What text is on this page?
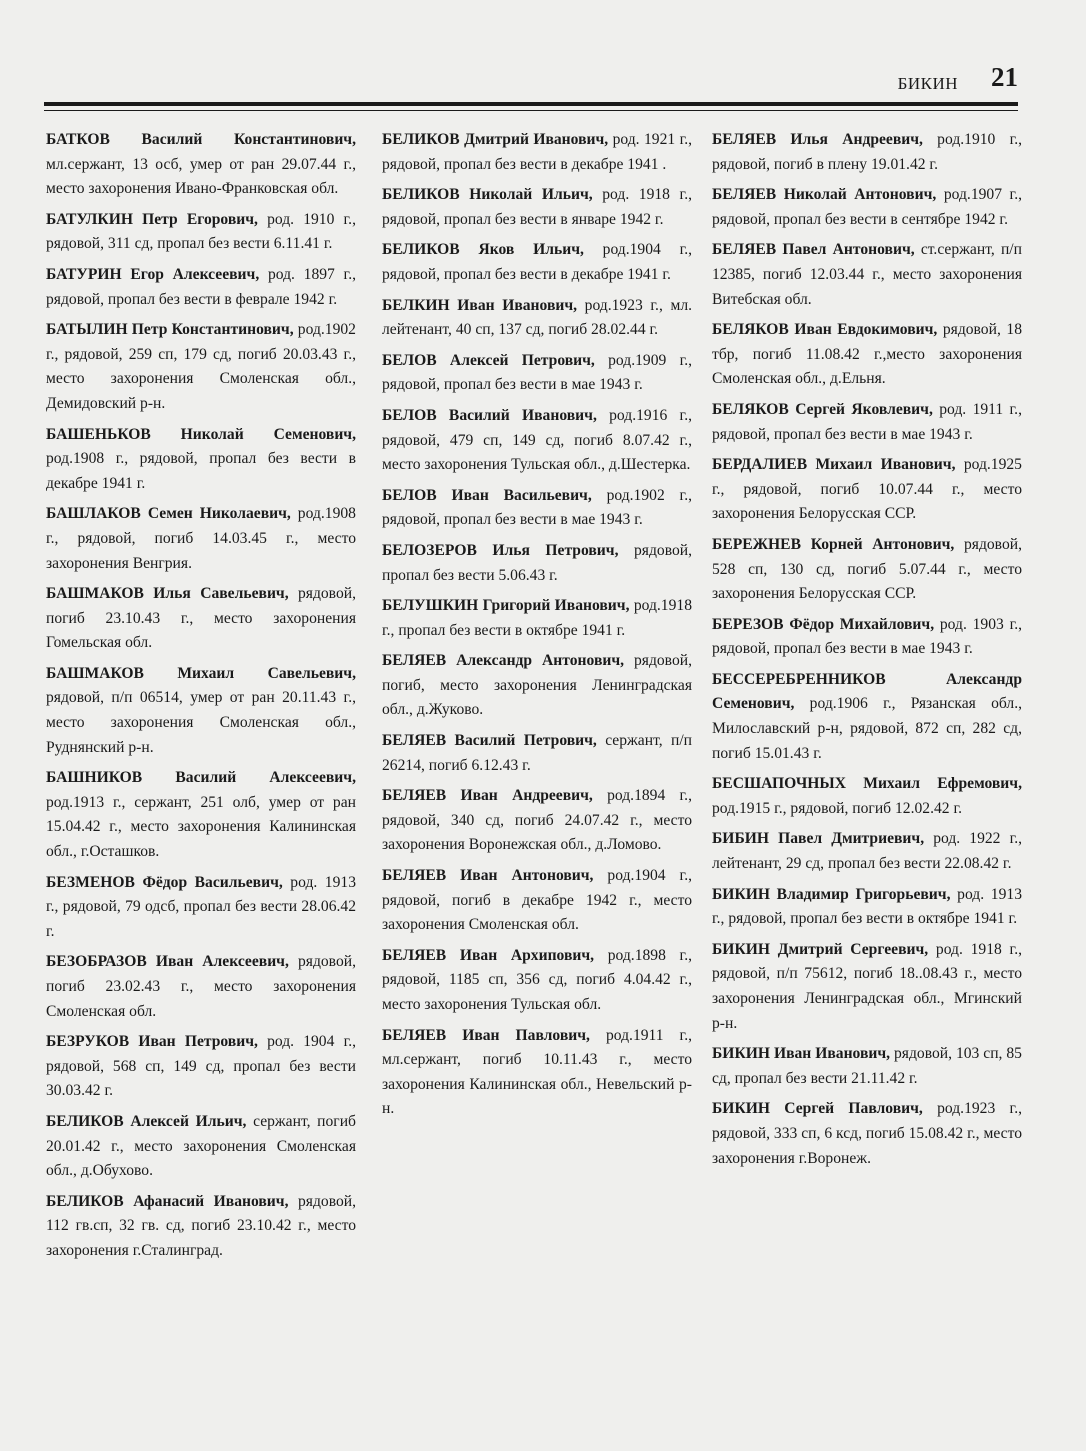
БИКИН 21

БАТКОВ Василий Константинович, мл.сержант, 13 осб, умер от ран 29.07.44 г., место захоронения Ивано-Франковская обл.

БАТУЛКИН Петр Егорович, род. 1910 г., рядовой, 311 сд, пропал без вести 6.11.41 г.

БАТУРИН Егор Алексеевич, род. 1897 г., рядовой, пропал без вести в феврале 1942 г.

БАТЫЛИН Петр Константинович, род.1902 г., рядовой, 259 сп, 179 сд, погиб 20.03.43 г., место захоронения Смоленская обл., Демидовский р-н.

БАШЕНЬКОВ Николай Семенович, род.1908 г., рядовой, пропал без вести в декабре 1941 г.

БАШЛАКОВ Семен Николаевич, род.1908 г., рядовой, погиб 14.03.45 г., место захоронения Венгрия.

БАШМАКОВ Илья Савельевич, рядовой, погиб 23.10.43 г., место захоронения Гомельская обл.

БАШМАКОВ Михаил Савельевич, рядовой, п/п 06514, умер от ран 20.11.43 г., место захоронения Смоленская обл., Руднянский р-н.

БАШНИКОВ Василий Алексеевич, род.1913 г., сержант, 251 олб, умер от ран 15.04.42 г., место захоронения Калининская обл., г.Осташков.

БЕЗМЕНОВ Фёдор Васильевич, род. 1913 г., рядовой, 79 одсб, пропал без вести 28.06.42 г.

БЕЗОБРАЗОВ Иван Алексеевич, рядовой, погиб 23.02.43 г., место захоронения Смоленская обл.

БЕЗРУКОВ Иван Петрович, род. 1904 г., рядовой, 568 сп, 149 сд, пропал без вести 30.03.42 г.

БЕЛИКОВ Алексей Ильич, сержант, погиб 20.01.42 г., место захоронения Смоленская обл., д.Обухово.

БЕЛИКОВ Афанасий Иванович, рядовой, 112 гв.сп, 32 гв. сд, погиб 23.10.42 г., место захоронения г.Сталинград.

БЕЛИКОВ Дмитрий Иванович, род. 1921 г., рядовой, пропал без вести в декабре 1941 .

БЕЛИКОВ Николай Ильич, род. 1918 г., рядовой, пропал без вести в январе 1942 г.

БЕЛИКОВ Яков Ильич, род.1904 г., рядовой, пропал без вести в декабре 1941 г.

БЕЛКИН Иван Иванович, род.1923 г., мл. лейтенант, 40 сп, 137 сд, погиб 28.02.44 г.

БЕЛОВ Алексей Петрович, род.1909 г., рядовой, пропал без вести в мае 1943 г.

БЕЛОВ Василий Иванович, род.1916 г., рядовой, 479 сп, 149 сд, погиб 8.07.42 г., место захоронения Тульская обл., д.Шестерка.

БЕЛОВ Иван Васильевич, род.1902 г., рядовой, пропал без вести в мае 1943 г.

БЕЛОЗЕРОВ Илья Петрович, рядовой, пропал без вести 5.06.43 г.

БЕЛУШКИН Григорий Иванович, род.1918 г., пропал без вести в октябре 1941 г.

БЕЛЯЕВ Александр Антонович, рядовой, погиб, место захоронения Ленинградская обл., д.Жуково.

БЕЛЯЕВ Василий Петрович, сержант, п/п 26214, погиб 6.12.43 г.

БЕЛЯЕВ Иван Андреевич, род.1894 г., рядовой, 340 сд, погиб 24.07.42 г., место захоронения Воронежская обл., д.Ломово.

БЕЛЯЕВ Иван Антонович, род.1904 г., рядовой, погиб в декабре 1942 г., место захоронения Смоленская обл.

БЕЛЯЕВ Иван Архипович, род.1898 г., рядовой, 1185 сп, 356 сд, погиб 4.04.42 г., место захоронения Тульская обл.

БЕЛЯЕВ Иван Павлович, род.1911 г., мл.сержант, погиб 10.11.43 г., место захоронения Калининская обл., Невельский р-н.

БЕЛЯЕВ Илья Андреевич, род.1910 г., рядовой, погиб в плену 19.01.42 г.

БЕЛЯЕВ Николай Антонович, род.1907 г., рядовой, пропал без вести в сентябре 1942 г.

БЕЛЯЕВ Павел Антонович, ст.сержант, п/п 12385, погиб 12.03.44 г., место захоронения Витебская обл.

БЕЛЯКОВ Иван Евдокимович, рядовой, 18 тбр, погиб 11.08.42 г.,место захоронения Смоленская обл., д.Ельня.

БЕЛЯКОВ Сергей Яковлевич, род. 1911 г., рядовой, пропал без вести в мае 1943 г.

БЕРДАЛИЕВ Михаил Иванович, род.1925 г., рядовой, погиб 10.07.44 г., место захоронения Белорусская ССР.

БЕРЕЖНЕВ Корней Антонович, рядовой, 528 сп, 130 сд, погиб 5.07.44 г., место захоронения Белорусская ССР.

БЕРЕЗОВ Фёдор Михайлович, род. 1903 г., рядовой, пропал без вести в мае 1943 г.

БЕССЕРЕБРЕННИКОВ Александр Семенович, род.1906 г., Рязанская обл., Милославский р-н, рядовой, 872 сп, 282 сд, погиб 15.01.43 г.

БЕСШАПОЧНЫХ Михаил Ефремович, род.1915 г., рядовой, погиб 12.02.42 г.

БИБИН Павел Дмитриевич, род. 1922 г., лейтенант, 29 сд, пропал без вести 22.08.42 г.

БИКИН Владимир Григорьевич, род. 1913 г., рядовой, пропал без вести в октябре 1941 г.

БИКИН Дмитрий Сергеевич, род. 1918 г., рядовой, п/п 75612, погиб 18..08.43 г., место захоронения Ленинградская обл., Мгинский р-н.

БИКИН Иван Иванович, рядовой, 103 сп, 85 сд, пропал без вести 21.11.42 г.

БИКИН Сергей Павлович, род.1923 г., рядовой, 333 сп, 6 ксд, погиб 15.08.42 г., место захоронения г.Воронеж.
